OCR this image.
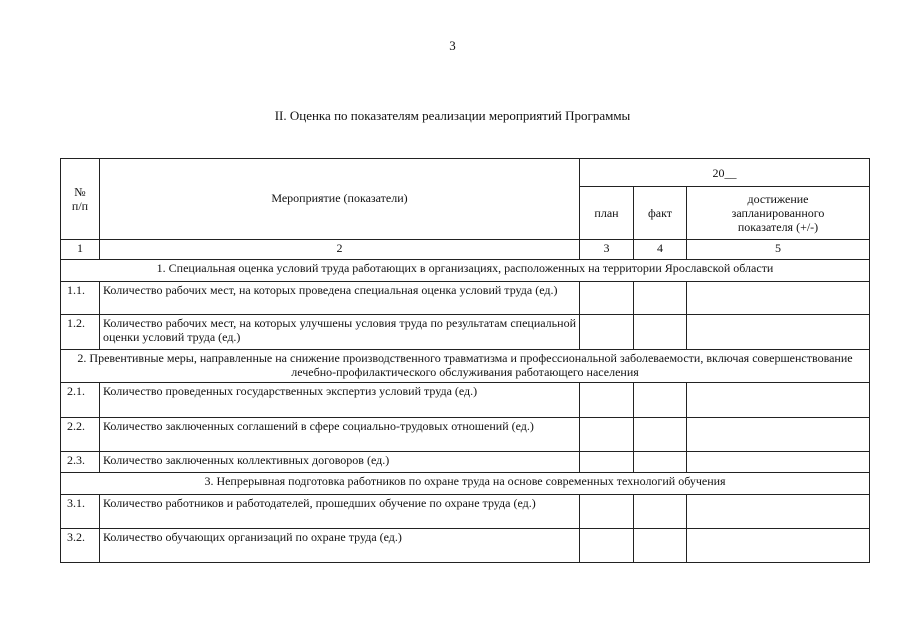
3
II. Оценка по показателям реализации мероприятий Программы
№ п/п	Мероприятие (показатели)	20__		
		план	факт	достижение запланированного показателя (+/-)
1	2	3	4	5
1. Специальная оценка условий труда работающих в организациях, расположенных на территории Ярославской области				
1.1.	Количество рабочих мест, на которых проведена специальная оценка условий труда (ед.)			
1.2.	Количество рабочих мест, на которых улучшены условия труда по результатам специальной оценки условий труда (ед.)			
2. Превентивные меры, направленные на снижение производственного травматизма и профессиональной заболеваемости, включая совершенствование лечебно-профилактического обслуживания работающего населения				
2.1.	Количество проведенных государственных экспертиз условий труда (ед.)			
2.2.	Количество заключенных соглашений в сфере социально-трудовых отношений (ед.)			
2.3.	Количество заключенных коллективных договоров (ед.)			
3. Непрерывная подготовка работников по охране труда на основе современных технологий обучения				
3.1.	Количество работников и работодателей, прошедших обучение по охране труда (ед.)			
3.2.	Количество обучающих организаций по охране труда (ед.)			
